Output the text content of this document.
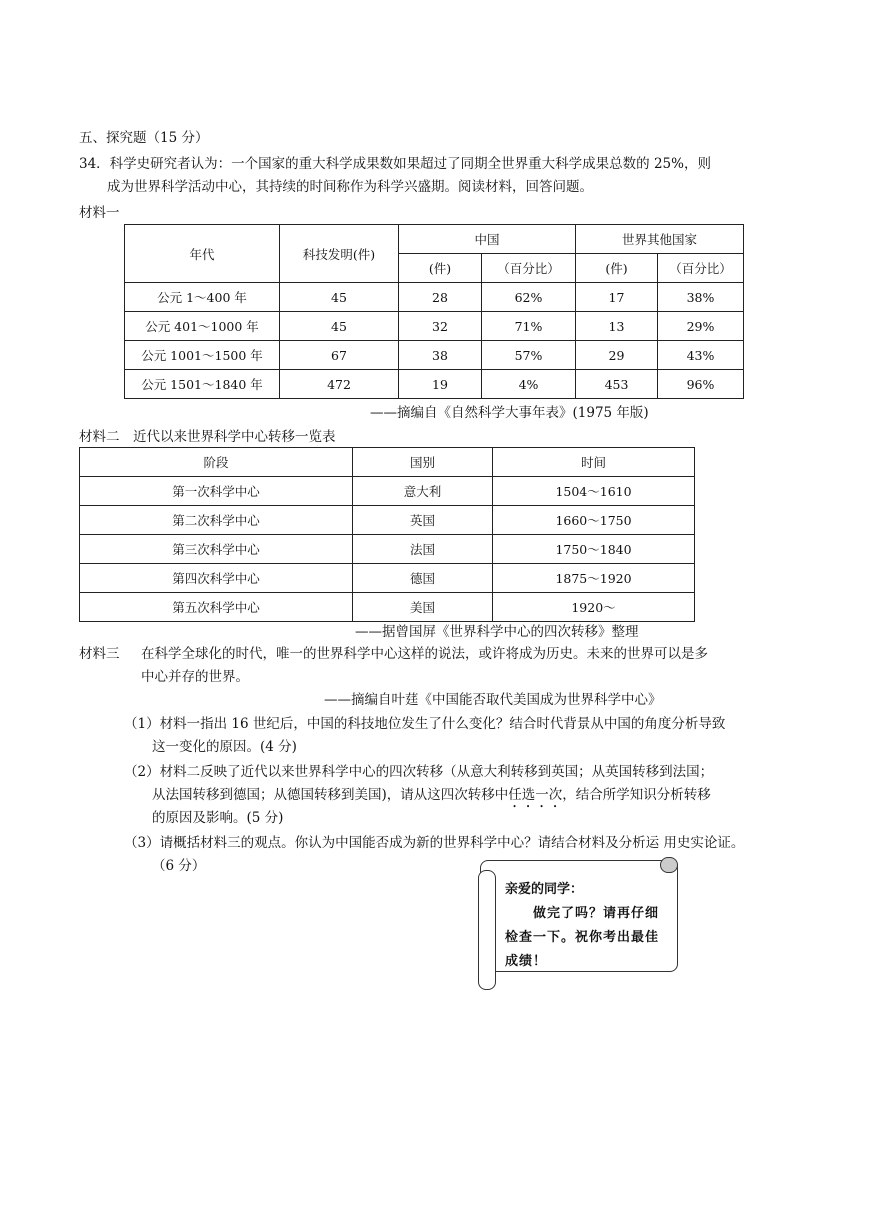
五、探究题（15 分）
34．科学史研究者认为：一个国家的重大科学成果数如果超过了同期全世界重大科学成果总数的 25%，则
成为世界科学活动中心，其持续的时间称作为科学兴盛期。阅读材料，回答问题。
材料一
年代	科技发明(件)	中国		世界其他国家	
		(件)	（百分比）	(件)	（百分比）
公元 1～400 年	45	28	62%	17	38%
公元 401～1000 年	45	32	71%	13	29%
公元 1001～1500 年	67	38	57%	29	43%
公元 1501～1840 年	472	19	4%	453	96%
——摘编自《自然科学大事年表》(1975 年版)
材料二　近代以来世界科学中心转移一览表
阶段	国别	时间
第一次科学中心	意大利	1504～1610
第二次科学中心	英国	1660～1750
第三次科学中心	法国	1750～1840
第四次科学中心	德国	1875～1920
第五次科学中心	美国	1920～
——据曾国屏《世界科学中心的四次转移》整理
材料三 在科学全球化的时代，唯一的世界科学中心这样的说法，或许将成为历史。未来的世界可以是多
中心并存的世界。
——摘编自叶莛《中国能否取代美国成为世界科学中心》
（1）材料一指出 16 世纪后，中国的科技地位发生了什么变化？结合时代背景从中国的角度分析导致
这一变化的原因。(4 分)
（2）材料二反映了近代以来世界科学中心的四次转移（从意大利转移到英国；从英国转移到法国；
从法国转移到德国；从德国转移到美国)，请从这四次转移中任选一次，结合所学知识分析转移
的原因及影响。(5 分)
（3）请概括材料三的观点。你认为中国能否成为新的世界科学中心？请结合材料及分析运 用史实论证。
（6 分）
亲爱的同学：
做完了吗？请再仔细检查一下。祝你考出最佳成绩！
